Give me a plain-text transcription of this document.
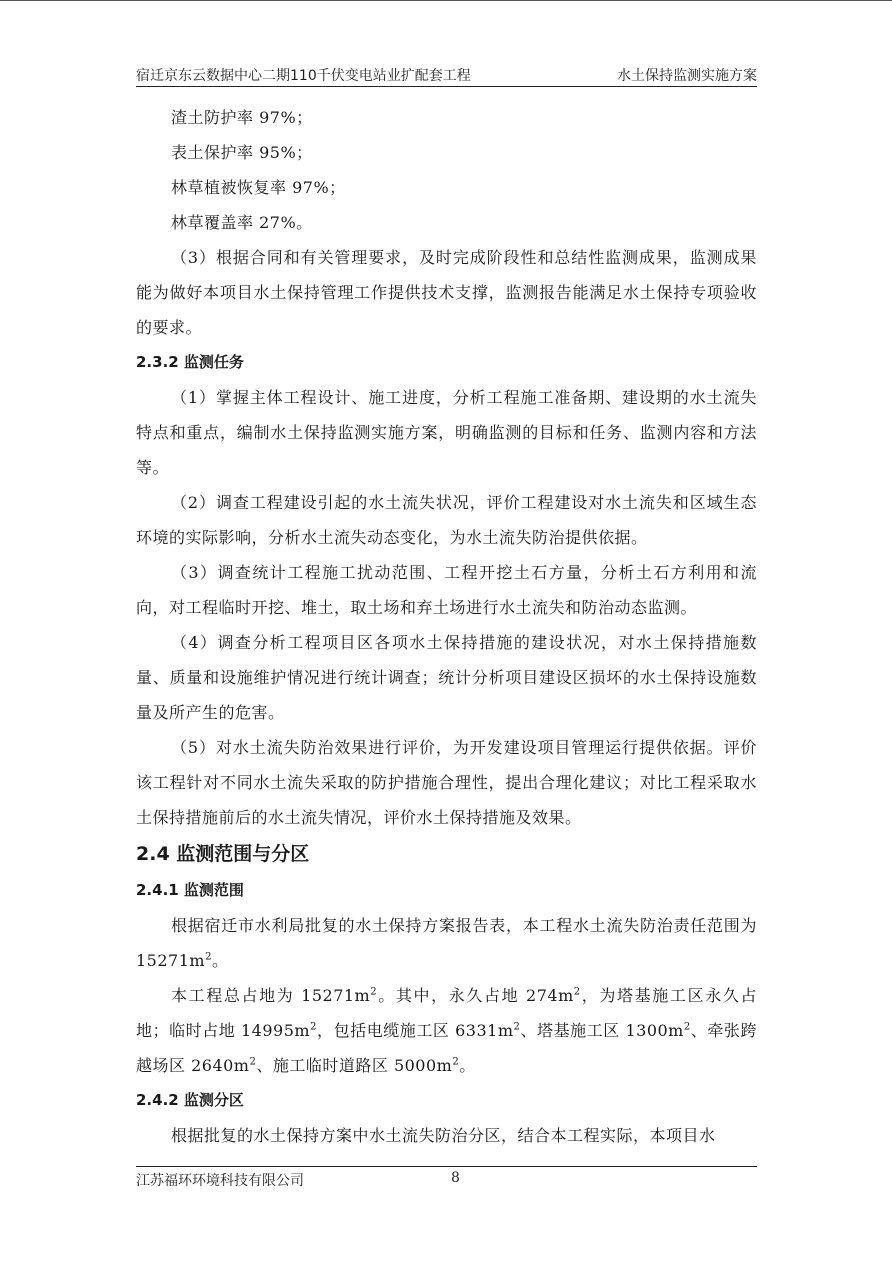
宿迁京东云数据中心二期110千伏变电站业扩配套工程	水土保持监测实施方案

渣土防护率 97%；

表土保护率 95%；

林草植被恢复率 97%；

林草覆盖率 27%。

（3）根据合同和有关管理要求，及时完成阶段性和总结性监测成果，监测成果能为做好本项目水土保持管理工作提供技术支撑，监测报告能满足水土保持专项验收的要求。

2.3.2 监测任务

（1）掌握主体工程设计、施工进度，分析工程施工准备期、建设期的水土流失特点和重点，编制水土保持监测实施方案，明确监测的目标和任务、监测内容和方法等。

（2）调查工程建设引起的水土流失状况，评价工程建设对水土流失和区域生态环境的实际影响，分析水土流失动态变化，为水土流失防治提供依据。

（3）调查统计工程施工扰动范围、工程开挖土石方量，分析土石方利用和流向，对工程临时开挖、堆土，取土场和弃土场进行水土流失和防治动态监测。

（4）调查分析工程项目区各项水土保持措施的建设状况，对水土保持措施数量、质量和设施维护情况进行统计调查；统计分析项目建设区损坏的水土保持设施数量及所产生的危害。

（5）对水土流失防治效果进行评价，为开发建设项目管理运行提供依据。评价该工程针对不同水土流失采取的防护措施合理性，提出合理化建议；对比工程采取水土保持措施前后的水土流失情况，评价水土保持措施及效果。

2.4 监测范围与分区

2.4.1 监测范围

根据宿迁市水利局批复的水土保持方案报告表，本工程水土流失防治责任范围为 $15271m^2$。

本工程总占地为 $15271m^2$。其中，永久占地 $274m^2$，为塔基施工区永久占地；临时占地 $14995m^2$，包括电缆施工区 $6331m^2$、塔基施工区 $1300m^2$、牵张跨越场区 $2640m^2$、施工临时道路区 $5000m^2$。

2.4.2 监测分区

根据批复的水土保持方案中水土流失防治分区，结合本工程实际，本项目水

江苏福环环境科技有限公司	8
